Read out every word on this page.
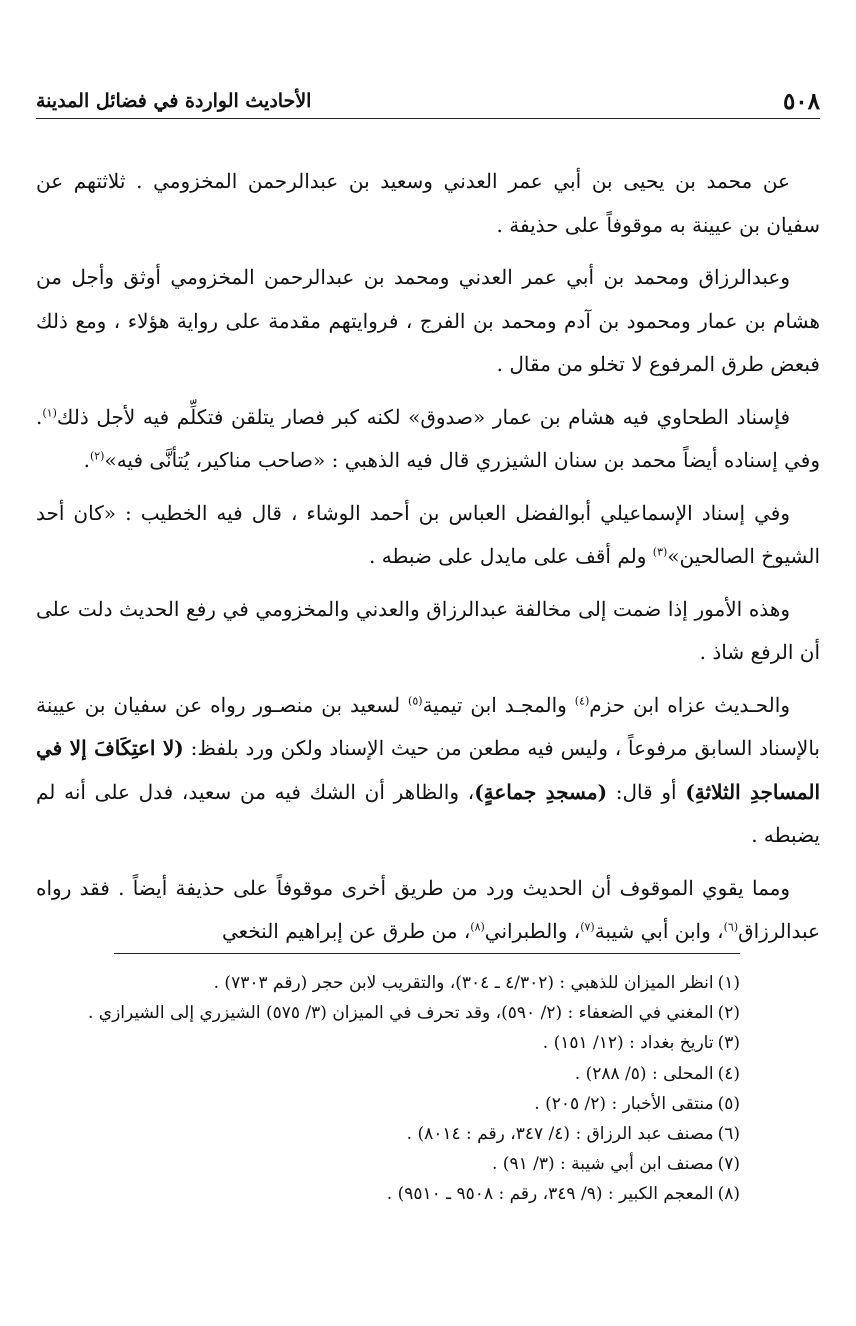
٥٠٨
الأحاديث الواردة في فضائل المدينة

عن محمد بن يحيى بن أبي عمر العدني وسعيد بن عبدالرحمن المخزومي . ثلاثتهم عن سفيان بن عيينة به موقوفاً على حذيفة .

وعبدالرزاق ومحمد بن أبي عمر العدني ومحمد بن عبدالرحمن المخزومي أوثق وأجل من هشام بن عمار ومحمود بن آدم ومحمد بن الفرج ، فروايتهم مقدمة على رواية هؤلاء ، ومع ذلك فبعض طرق المرفوع لا تخلو من مقال .

فإسناد الطحاوي فيه هشام بن عمار «صدوق» لكنه كبر فصار يتلقن فتكلِّم فيه لأجل ذلك$^{(١)}$. وفي إسناده أيضاً محمد بن سنان الشيزري قال فيه الذهبي : «صاحب مناكير، يُتأنَّى فيه»$^{(٢)}$.

وفي إسناد الإسماعيلي أبوالفضل العباس بن أحمد الوشاء ، قال فيه الخطيب : «كان أحد الشيوخ الصالحين»$^{(٣)}$ ولم أقف على مايدل على ضبطه .

وهذه الأمور إذا ضمت إلى مخالفة عبدالرزاق والعدني والمخزومي في رفع الحديث دلت على أن الرفع شاذ .

والحـديث عزاه ابن حزم$^{(٤)}$ والمجـد ابن تيمية$^{(٥)}$ لسعيد بن منصـور رواه عن سفيان بن عيينة بالإسناد السابق مرفوعاً ، وليس فيه مطعن من حيث الإسناد ولكن ورد بلفظ: (لا اعتِكَافَ إلا في المساجدِ الثلاثةِ) أو قال: (مسجدِ جماعةٍ)، والظاهر أن الشك فيه من سعيد، فدل على أنه لم يضبطه .

ومما يقوي الموقوف أن الحديث ورد من طريق أخرى موقوفاً على حذيفة أيضاً . فقد رواه عبدالرزاق$^{(٦)}$، وابن أبي شيبة$^{(٧)}$، والطبراني$^{(٨)}$، من طرق عن إبراهيم النخعي

(١)انظر الميزان للذهبي : (٤/٣٠٢ ـ ٣٠٤)، والتقريب لابن حجر (رقم ٧٣٠٣) .
(٢)المغني في الضعفاء : (٢/ ٥٩٠)، وقد تحرف في الميزان (٣/ ٥٧٥) الشيزري إلى الشيرازي .
(٣)تاريخ بغداد : (١٢/ ١٥١) .
(٤)المحلى : (٥/ ٢٨٨) .
(٥)منتقى الأخبار : (٢/ ٢٠٥) .
(٦)مصنف عبد الرزاق : (٤/ ٣٤٧، رقم : ٨٠١٤) .
(٧)مصنف ابن أبي شيبة : (٣/ ٩١) .
(٨)المعجم الكبير : (٩/ ٣٤٩، رقم : ٩٥٠٨ ـ ٩٥١٠) .
